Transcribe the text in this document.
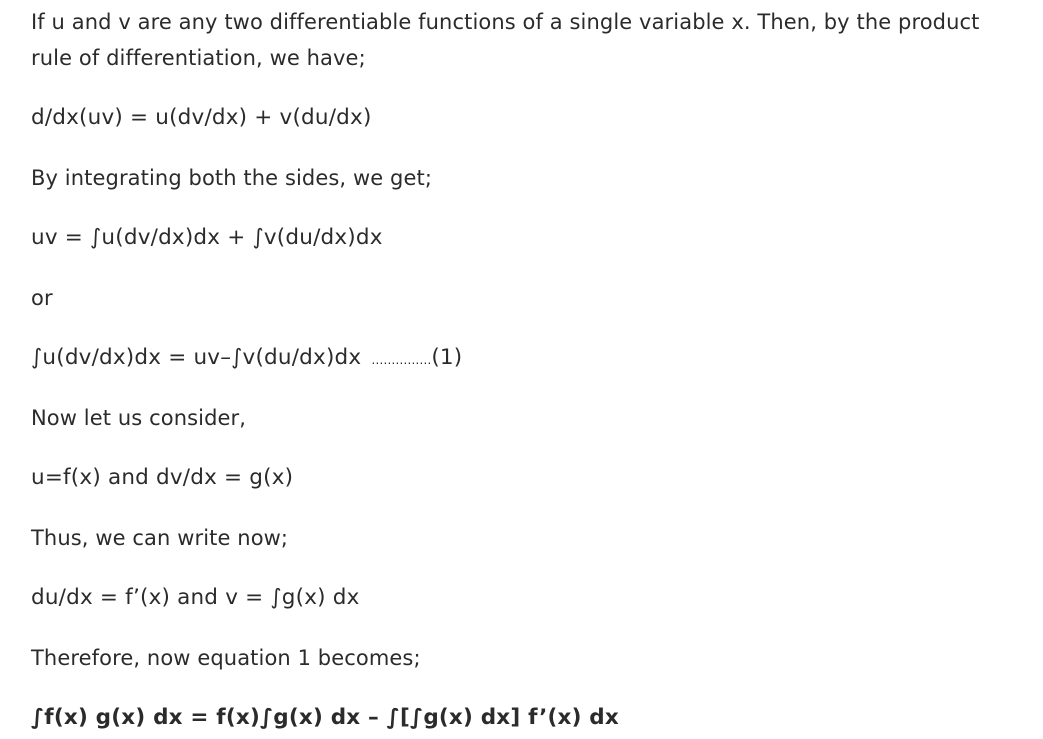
If u and v are any two differentiable functions of a single variable x. Then, by the product rule of differentiation, we have;

d/dx(uv) = u(dv/dx) + v(du/dx)

By integrating both the sides, we get;

uv = ∫u(dv/dx)dx + ∫v(du/dx)dx

or

∫u(dv/dx)dx = uv–∫v(du/dx)dx ……………(1)

Now let us consider,

u=f(x) and dv/dx = g(x)

Thus, we can write now;

du/dx = f’(x) and v = ∫g(x) dx

Therefore, now equation 1 becomes;

∫f(x) g(x) dx = f(x)∫g(x) dx – ∫[∫g(x) dx] f’(x) dx
